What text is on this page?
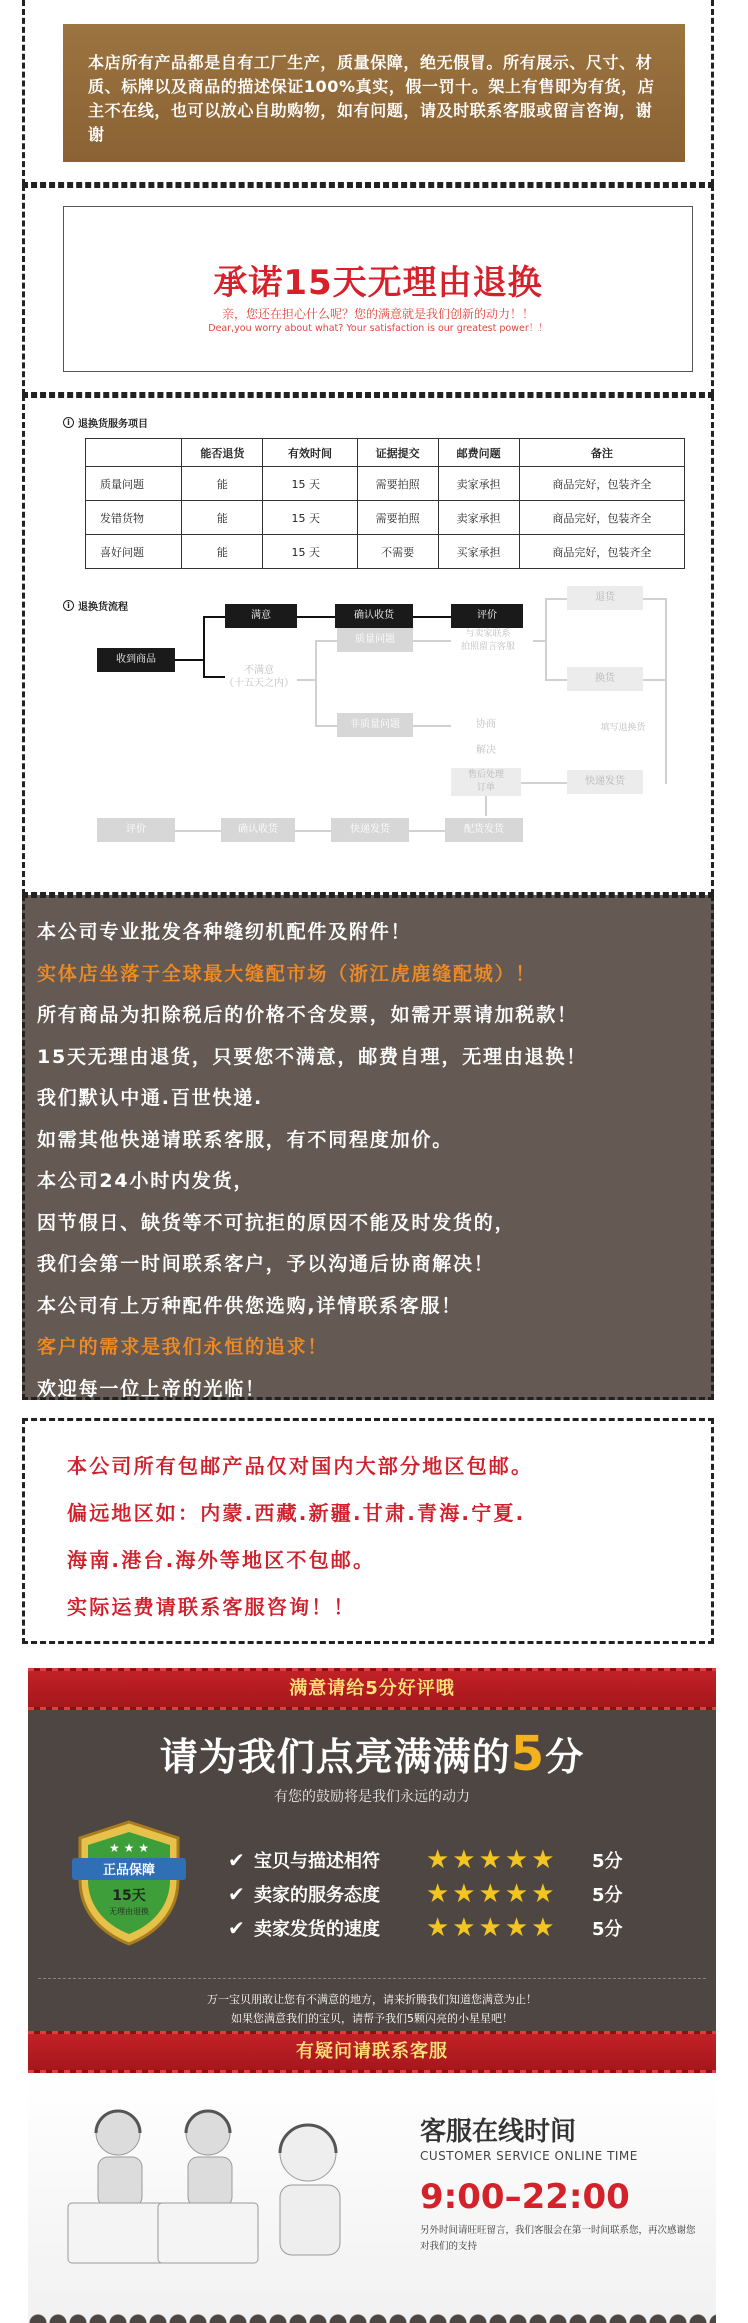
本店所有产品都是自有工厂生产，质量保障，绝无假冒。所有展示、尺寸、材质、标牌以及商品的描述保证100%真实，假一罚十。架上有售即为有货，店主不在线，也可以放心自助购物，如有问题，请及时联系客服或留言咨询，谢谢
承诺15天无理由退换
亲，您还在担心什么呢？您的满意就是我们创新的动力！！
Dear,you worry about what? Your satisfaction is our greatest power！！
i 退换货服务项目
	能否退货	有效时间	证据提交	邮费问题	备注
质量问题	能	15 天	需要拍照	卖家承担	商品完好，包装齐全
发错货物	能	15 天	需要拍照	卖家承担	商品完好，包装齐全
喜好问题	能	15 天	不需要	买家承担	商品完好，包装齐全
i 退换货流程
收到商品
满意	确认收货	评价
不满意
（十五天之内）
质量问题
非质量问题
与卖家联系
拍照留言客服
退货
换货
填写退换货
协商
解决
售后处理
订单
快递发货
配货发货
快递发货
确认收货
评价
本公司专业批发各种缝纫机配件及附件！
实体店坐落于全球最大缝配市场（浙江虎鹿缝配城）！
所有商品为扣除税后的价格不含发票，如需开票请加税款！
15天无理由退货，只要您不满意，邮费自理，无理由退换！
我们默认中通.百世快递.
如需其他快递请联系客服，有不同程度加价。
本公司24小时内发货，
因节假日、缺货等不可抗拒的原因不能及时发货的，
我们会第一时间联系客户，予以沟通后协商解决！
本公司有上万种配件供您选购,详情联系客服！
客户的需求是我们永恒的追求！
欢迎每一位上帝的光临！
本公司所有包邮产品仅对国内大部分地区包邮。
偏远地区如：内蒙.西藏.新疆.甘肃.青海.宁夏.
海南.港台.海外等地区不包邮。
实际运费请联系客服咨询！！
满意请给5分好评哦
请为我们点亮满满的5分
有您的鼓励将是我们永远的动力
正品保障
15天
无理由退换
★ ★ ★	✔ 宝贝与描述相符	★★★★★	5分
✔ 卖家的服务态度	★★★★★	5分
✔ 卖家发货的速度	★★★★★	5分
万一宝贝朋敢让您有不满意的地方，请来折腾我们知道您满意为止！
如果您满意我们的宝贝，请帮予我们5颗闪亮的小星星吧！
有疑问请联系客服
客服在线时间
CUSTOMER SERVICE ONLINE TIME
9:00–22:00
另外时间请旺旺留言，我们客服会在第一时间联系您，再次感谢您对我们的支持
